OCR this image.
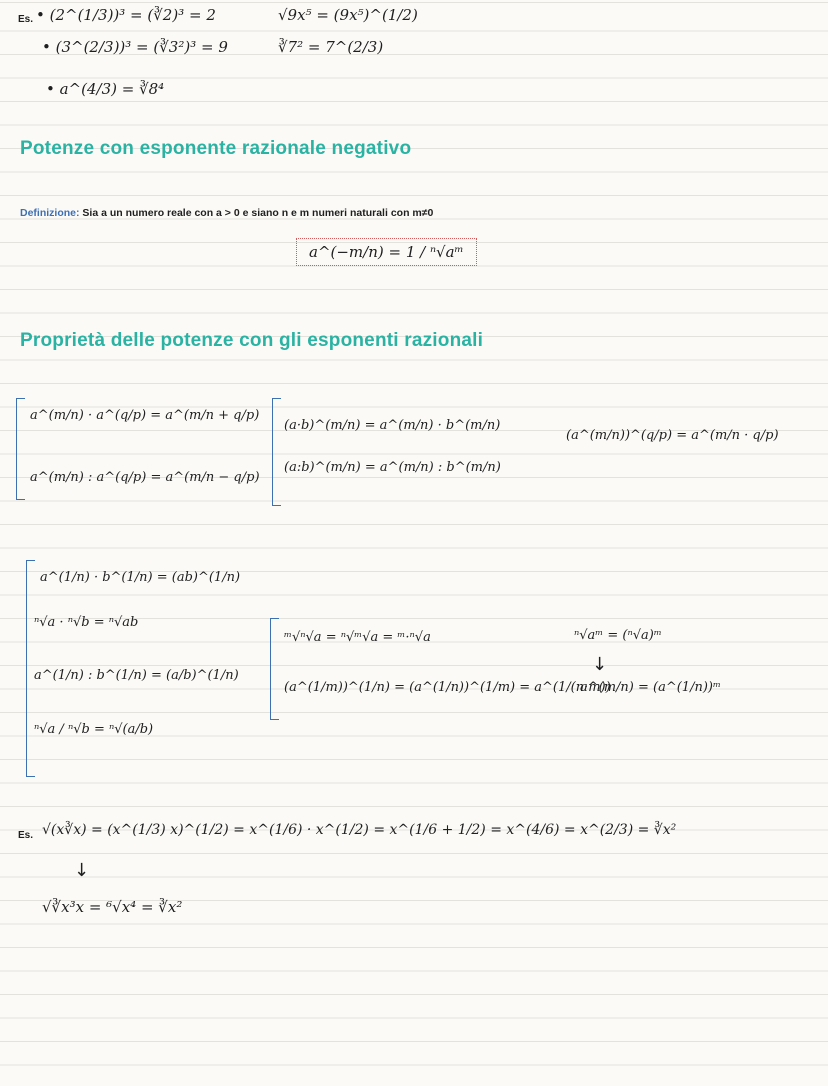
Es. • (2^(1/3))³ = (∛2)³ = 2
• (3^(2/3))³ = (∛3²)³ = 9
• a^(4/3) = ∛8⁴
√9x⁵ = (9x⁵)^(1/2)
∛7² = 7^(2/3)
Potenze con esponente razionale negativo
Definizione: Sia a un numero reale con a > 0 e siano n e m numeri naturali con m≠0
a^(−m/n) = 1 / ⁿ√aᵐ
Proprietà delle potenze con gli esponenti razionali
a^(m/n) · a^(q/p) = a^(m/n + q/p)
a^(m/n) : a^(q/p) = a^(m/n − q/p)
(a·b)^(m/n) = a^(m/n) · b^(m/n)
(a:b)^(m/n) = a^(m/n) : b^(m/n)
(a^(m/n))^(q/p) = a^(m/n · q/p)
a^(1/n) · b^(1/n) = (ab)^(1/n)
ⁿ√a · ⁿ√b = ⁿ√ab
a^(1/n) : b^(1/n) = (a/b)^(1/n)
ⁿ√a / ⁿ√b = ⁿ√(a/b)
ᵐ√ⁿ√a = ⁿ√ᵐ√a = ᵐ·ⁿ√a
(a^(1/m))^(1/n) = (a^(1/n))^(1/m) = a^(1/(n·m))
ⁿ√aᵐ = (ⁿ√a)ᵐ
↓
a^(m/n) = (a^(1/n))ᵐ
Es. √(x∛x) = (x^(1/3) x)^(1/2) = x^(1/6) · x^(1/2) = x^(1/6 + 1/2) = x^(4/6) = x^(2/3) = ∛x²
↓
√∛x³x = ⁶√x⁴ = ∛x²
